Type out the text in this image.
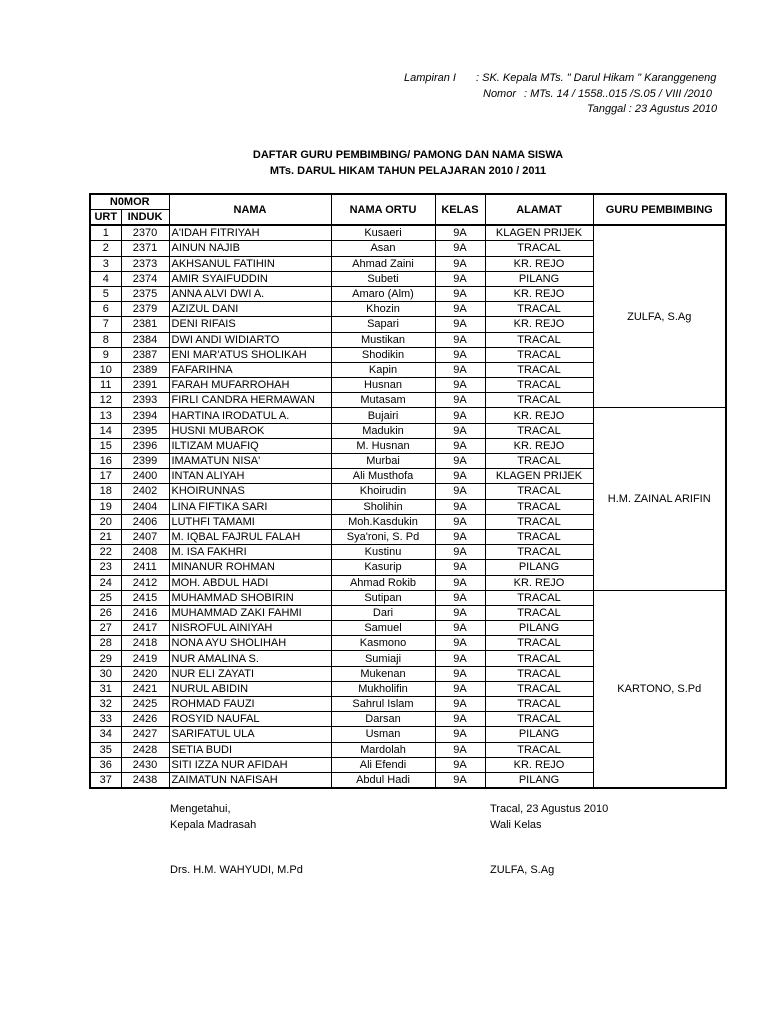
Lampiran I	: SK. Kepala MTs. " Darul Hikam " Karanggeneng
Nomor : MTs. 14 / 1558..015 /S.05 / VIII /2010
Tanggal : 23 Agustus 2010
DAFTAR GURU PEMBIMBING/ PAMONG DAN NAMA SISWA
MTs. DARUL HIKAM TAHUN PELAJARAN 2010 / 2011
N0MOR		NAMA	NAMA ORTU	KELAS	ALAMAT	GURU PEMBIMBING
URT	INDUK					
1	2370	A'IDAH FITRIYAH	Kusaeri	9A	KLAGEN PRIJEK	ZULFA, S.Ag
2	2371	AINUN NAJIB	Asan	9A	TRACAL	
3	2373	AKHSANUL FATIHIN	Ahmad Zaini	9A	KR. REJO	
4	2374	AMIR SYAIFUDDIN	Subeti	9A	PILANG	
5	2375	ANNA ALVI DWI A.	Amaro (Alm)	9A	KR. REJO	
6	2379	AZIZUL DANI	Khozin	9A	TRACAL	
7	2381	DENI RIFAIS	Sapari	9A	KR. REJO	
8	2384	DWI ANDI WIDIARTO	Mustikan	9A	TRACAL	
9	2387	ENI MAR'ATUS SHOLIKAH	Shodikin	9A	TRACAL	
10	2389	FAFARIHNA	Kapin	9A	TRACAL	
11	2391	FARAH MUFARROHAH	Husnan	9A	TRACAL	
12	2393	FIRLI CANDRA HERMAWAN	Mutasam	9A	TRACAL	
13	2394	HARTINA IRODATUL A.	Bujairi	9A	KR. REJO	H.M. ZAINAL ARIFIN
14	2395	HUSNI MUBAROK	Madukin	9A	TRACAL	
15	2396	ILTIZAM MUAFIQ	M. Husnan	9A	KR. REJO	
16	2399	IMAMATUN NISA'	Murbai	9A	TRACAL	
17	2400	INTAN ALIYAH	Ali Musthofa	9A	KLAGEN PRIJEK	
18	2402	KHOIRUNNAS	Khoirudin	9A	TRACAL	
19	2404	LINA FIFTIKA SARI	Sholihin	9A	TRACAL	
20	2406	LUTHFI TAMAMI	Moh.Kasdukin	9A	TRACAL	
21	2407	M. IQBAL FAJRUL FALAH	Sya'roni, S. Pd	9A	TRACAL	
22	2408	M. ISA FAKHRI	Kustinu	9A	TRACAL	
23	2411	MINANUR ROHMAN	Kasurip	9A	PILANG	
24	2412	MOH. ABDUL HADI	Ahmad Rokib	9A	KR. REJO	
25	2415	MUHAMMAD SHOBIRIN	Sutipan	9A	TRACAL	KARTONO, S.Pd
26	2416	MUHAMMAD ZAKI FAHMI	Dari	9A	TRACAL	
27	2417	NISROFUL AINIYAH	Samuel	9A	PILANG	
28	2418	NONA AYU SHOLIHAH	Kasmono	9A	TRACAL	
29	2419	NUR AMALINA S.	Sumiaji	9A	TRACAL	
30	2420	NUR ELI ZAYATI	Mukenan	9A	TRACAL	
31	2421	NURUL ABIDIN	Mukholifin	9A	TRACAL	
32	2425	ROHMAD FAUZI	Sahrul Islam	9A	TRACAL	
33	2426	ROSYID NAUFAL	Darsan	9A	TRACAL	
34	2427	SARIFATUL ULA	Usman	9A	PILANG	
35	2428	SETIA BUDI	Mardolah	9A	TRACAL	
36	2430	SITI IZZA NUR AFIDAH	Ali Efendi	9A	KR. REJO	
37	2438	ZAIMATUN NAFISAH	Abdul Hadi	9A	PILANG	
Mengetahui,
Kepala Madrasah
Drs. H.M. WAHYUDI, M.Pd
Tracal, 23 Agustus 2010
Wali Kelas
ZULFA, S.Ag
